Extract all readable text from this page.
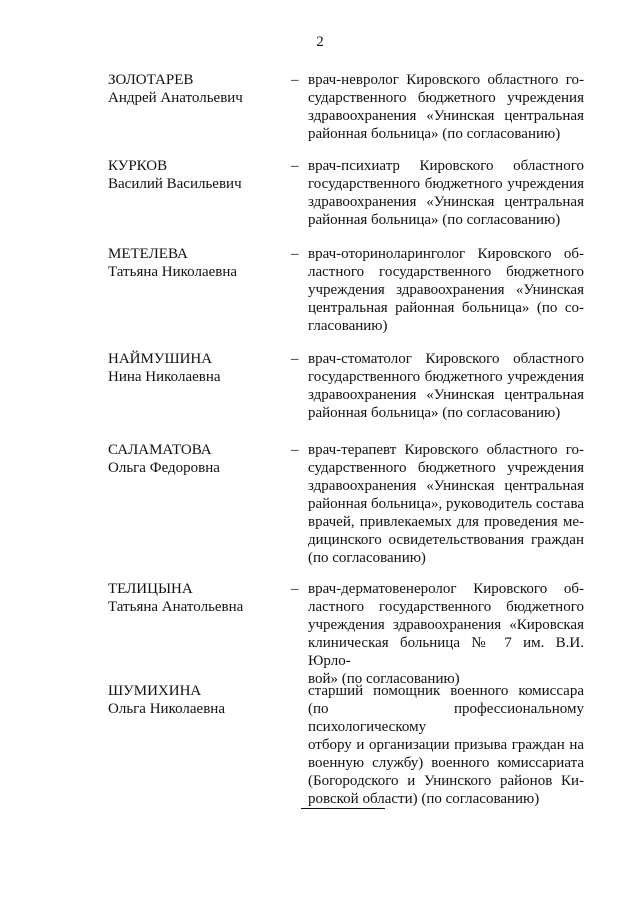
2
ЗОЛОТАРЕВ
Андрей Анатольевич
– врач-невролог Кировского областного го-
сударственного бюджетного учреждения
здравоохранения «Унинская центральная
районная больница» (по согласованию)

КУРКОВ
Василий Васильевич
– врач-психиатр Кировского областного
государственного бюджетного учреждения
здравоохранения «Унинская центральная
районная больница» (по согласованию)

МЕТЕЛЕВА
Татьяна Николаевна
– врач-оториноларинголог Кировского об-
ластного государственного бюджетного
учреждения здравоохранения «Унинская
центральная районная больница» (по со-
гласованию)

НАЙМУШИНА
Нина Николаевна
– врач-стоматолог Кировского областного
государственного бюджетного учреждения
здравоохранения «Унинская центральная
районная больница» (по согласованию)

САЛАМАТОВА
Ольга Федоровна
– врач-терапевт Кировского областного го-
сударственного бюджетного учреждения
здравоохранения «Унинская центральная
районная больница», руководитель состава
врачей, привлекаемых для проведения ме-
дицинского освидетельствования граждан
(по согласованию)

ТЕЛИЦЫНА
Татьяна Анатольевна
– врач-дерматовенеролог Кировского об-
ластного государственного бюджетного
учреждения здравоохранения «Кировская
клиническая больница № 7 им. В.И. Юрло-
вой» (по согласованию)

ШУМИХИНА
Ольга Николаевна

старший помощник военного комиссара
(по профессиональному психологическому
отбору и организации призыва граждан на
военную службу) военного комиссариата
(Богородского и Унинского районов Ки-
ровской области) (по согласованию)
